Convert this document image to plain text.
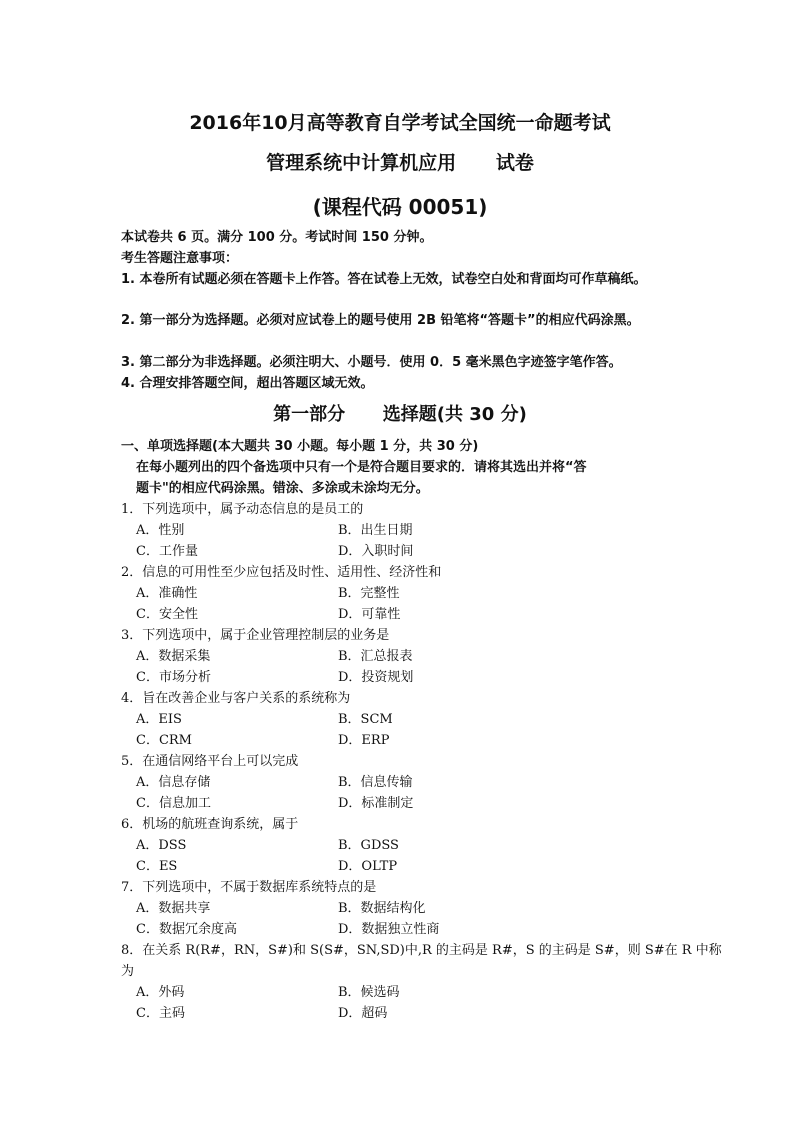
2016年10月高等教育自学考试全国统一命题考试
管理系统中计算机应用      试卷
(课程代码 00051)
本试卷共 6 页。满分 100 分。考试时间 150 分钟。
考生答题注意事项：
1. 本卷所有试题必须在答题卡上作答。答在试卷上无效，试卷空白处和背面均可作草稿纸。
2. 第一部分为选择题。必须对应试卷上的题号使用 2B 铅笔将“答题卡”的相应代码涂黑。
3. 第二部分为非选择题。必须注明大、小题号．使用 0．5 毫米黑色字迹签字笔作答。
4. 合理安排答题空间，超出答题区域无效。
第一部分      选择题(共 30 分)
一、单项选择题(本大题共 30 小题。每小题 1 分，共 30 分)
在每小题列出的四个备选项中只有一个是符合题目要求的．请将其选出并将“答
题卡"的相应代码涂黑。错涂、多涂或未涂均无分。
1．下列选项中，属予动态信息的是员工的
A．性别	B．出生日期
C．工作量	D．入职时间
2．信息的可用性至少应包括及时性、适用性、经济性和
A．准确性	B．完整性
C．安全性	D．可靠性
3．下列选项中，属于企业管理控制层的业务是
A．数据采集	B．汇总报表
C．市场分析	D．投资规划
4．旨在改善企业与客户关系的系统称为
A．EIS	B．SCM
C．CRM	D．ERP
5．在通信网络平台上可以完成
A．信息存储	B．信息传输
C．信息加工	D．标准制定
6．机场的航班查询系统，属于
A．DSS	B．GDSS
C．ES	D．OLTP
7．下列选项中，不属于数据库系统特点的是
A．数据共享	B．数据结构化
C．数据冗余度高	D．数据独立性商
8．在关系 R(R#，RN，S#)和 S(S#，SN,SD)中,R 的主码是 R#，S 的主码是 S#，则 S#在 R 中称
为
A．外码	B．候选码
C．主码	D．超码
